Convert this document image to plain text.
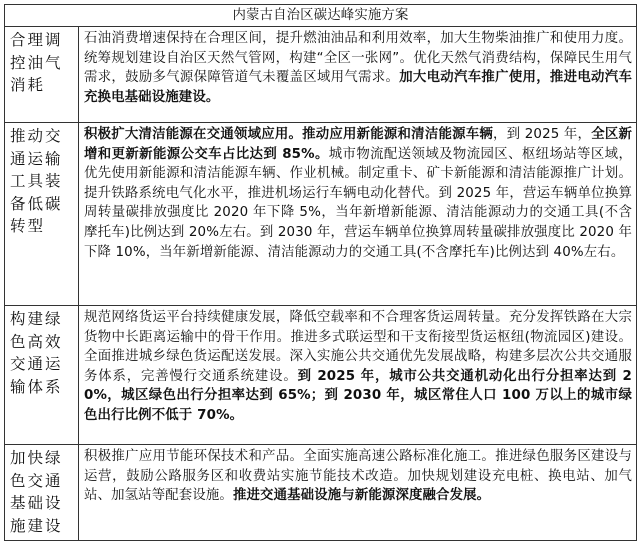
内蒙古自治区碳达峰实施方案	
合理调控油气消耗	石油消费增速保持在合理区间，提升燃油油品和利用效率，加大生物柴油推广和使用力度。统筹规划建设自治区天然气管网，构建“全区一张网”。优化天然气消费结构，保障民生用气需求，鼓励多气源保障管道气未覆盖区域用气需求。加大电动汽车推广使用，推进电动汽车充换电基础设施建设。
推动交通运输工具装备低碳转型	积极扩大清洁能源在交通领域应用。推动应用新能源和清洁能源车辆，到 2025 年，全区新增和更新新能源公交车占比达到 85%。城市物流配送领域及物流园区、枢纽场站等区域，优先使用新能源和清洁能源车辆、作业机械。制定重卡、矿卡新能源和清洁能源推广计划。提升铁路系统电气化水平，推进机场运行车辆电动化替代。到 2025 年，营运车辆单位换算周转量碳排放强度比 2020 年下降 5%，当年新增新能源、清洁能源动力的交通工具(不含摩托车)比例达到 20%左右。到 2030 年，营运车辆单位换算周转量碳排放强度比 2020 年下降 10%，当年新增新能源、清洁能源动力的交通工具(不含摩托车)比例达到 40%左右。
构建绿色高效交通运输体系	规范网络货运平台持续健康发展，降低空载率和不合理客货运周转量。充分发挥铁路在大宗货物中长距离运输中的骨干作用。推进多式联运型和干支衔接型货运枢纽(物流园区)建设。全面推进城乡绿色货运配送发展。深入实施公共交通优先发展战略，构建多层次公共交通服务体系，完善慢行交通系统建设。到 2025 年，城市公共交通机动化出行分担率达到 20%，城区绿色出行分担率达到 65%；到 2030 年，城区常住人口 100 万以上的城市绿色出行比例不低于 70%。
加快绿色交通基础设施建设	积极推广应用节能环保技术和产品。全面实施高速公路标准化施工。推进绿色服务区建设与运营，鼓励公路服务区和收费站实施节能技术改造。加快规划建设充电桩、换电站、加气站、加氢站等配套设施。推进交通基础设施与新能源深度融合发展。
